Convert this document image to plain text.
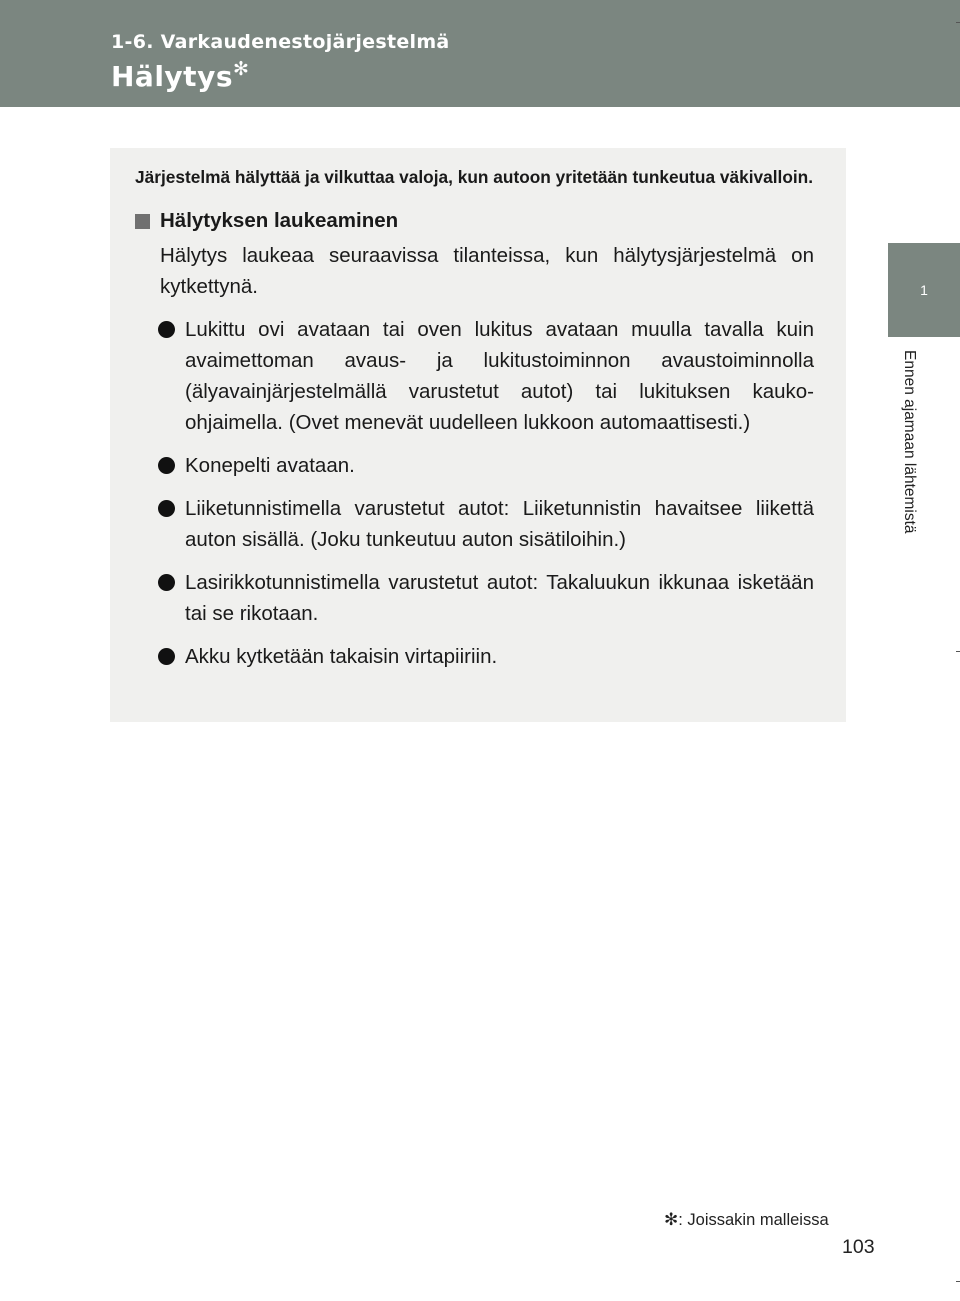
1-6. Varkaudenestojärjestelmä
Hälytys✻
1
Ennen ajamaan lähtemistä

Järjestelmä hälyttää ja vilkuttaa valoja, kun autoon yritetään tunkeutua väkivalloin.

Hälytyksen laukeaminen

Hälytys laukeaa seuraavissa tilanteissa, kun hälytysjärjestelmä on kytkettynä.

Lukittu ovi avataan tai oven lukitus avataan muulla tavalla kuin avaimettoman avaus- ja lukitustoiminnon avaustoiminnolla (älyavainjärjestelmällä varustetut autot) tai lukituksen kauko-ohjaimella. (Ovet menevät uudelleen lukkoon automaattisesti.)
Konepelti avataan.
Liiketunnistimella varustetut autot: Liiketunnistin havaitsee liikettä auton sisällä. (Joku tunkeutuu auton sisätiloihin.)
Lasirikkotunnistimella varustetut autot: Takaluukun ikkunaa isketään tai se rikotaan.
Akku kytketään takaisin virtapiiriin.
✻: Joissakin malleissa
103
